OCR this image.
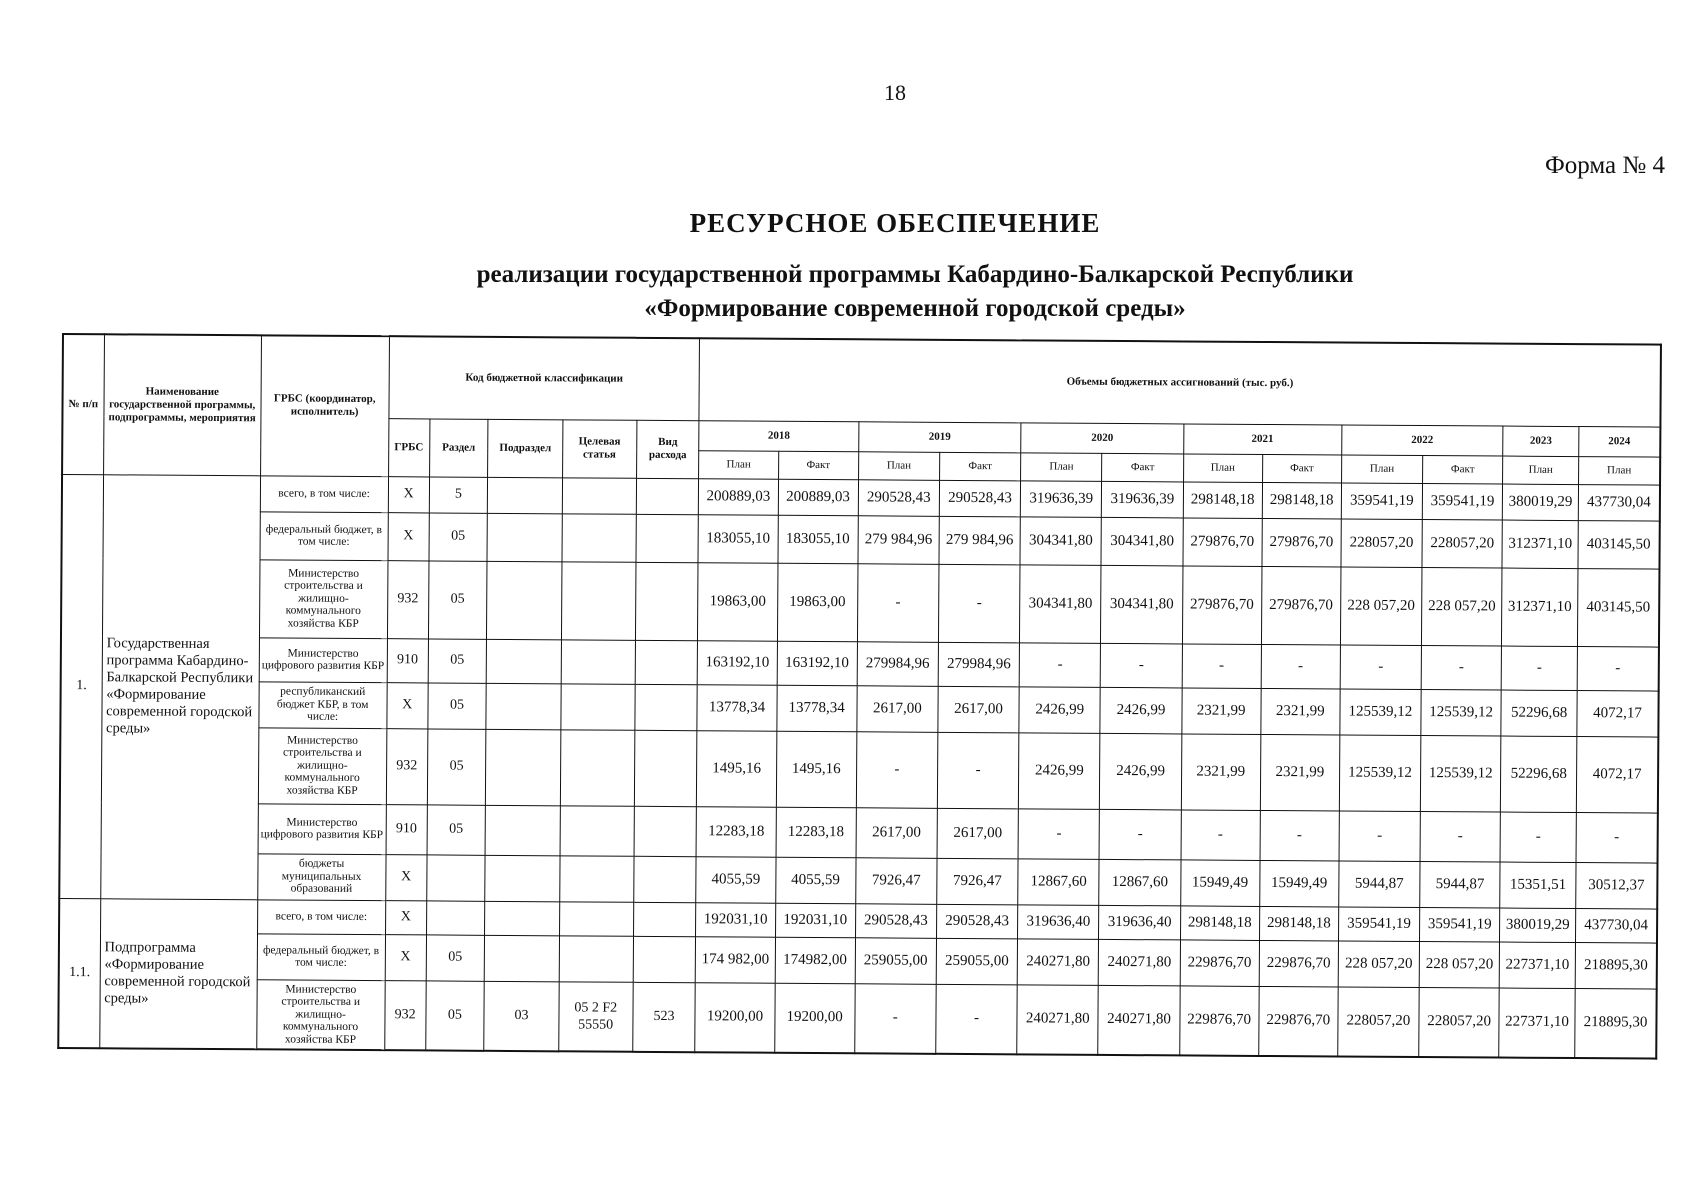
18
Форма № 4
РЕСУРСНОЕ ОБЕСПЕЧЕНИЕ
реализации государственной программы Кабардино-Балкарской Республики
«Формирование современной городской среды»
№ п/п	Наименование государственной программы, подпрограммы, мероприятия	ГРБС (координатор, исполнитель)	Код бюджетной классификации					Объемы бюджетных ассигнований (тыс. руб.)											
			ГРБС	Раздел	Подраздел	Целевая статья	Вид расхода	2018		2019		2020		2021		2022		2023	2024
								План	Факт	План	Факт	План	Факт	План	Факт	План	Факт	План	План
1.	Государственная программа Кабардино-Балкарской Республики «Формирование современной городской среды»	всего, в том числе:	X	5				200889,03	200889,03	290528,43	290528,43	319636,39	319636,39	298148,18	298148,18	359541,19	359541,19	380019,29	437730,04
		федеральный бюджет, в том числе:	X	05				183055,10	183055,10	279 984,96	279 984,96	304341,80	304341,80	279876,70	279876,70	228057,20	228057,20	312371,10	403145,50
		Министерство строительства и жилищно-коммунального хозяйства КБР	932	05				19863,00	19863,00	-	-	304341,80	304341,80	279876,70	279876,70	228 057,20	228 057,20	312371,10	403145,50
		Министерство цифрового развития КБР	910	05				163192,10	163192,10	279984,96	279984,96	-	-	-	-	-	-	-	-
		республиканский бюджет КБР, в том числе:	X	05				13778,34	13778,34	2617,00	2617,00	2426,99	2426,99	2321,99	2321,99	125539,12	125539,12	52296,68	4072,17
		Министерство строительства и жилищно-коммунального хозяйства КБР	932	05				1495,16	1495,16	-	-	2426,99	2426,99	2321,99	2321,99	125539,12	125539,12	52296,68	4072,17
		Министерство цифрового развития КБР	910	05				12283,18	12283,18	2617,00	2617,00	-	-	-	-	-	-	-	-
		бюджеты муниципальных образований	X					4055,59	4055,59	7926,47	7926,47	12867,60	12867,60	15949,49	15949,49	5944,87	5944,87	15351,51	30512,37
1.1.	Подпрограмма «Формирование современной городской среды»	всего, в том числе:	X					192031,10	192031,10	290528,43	290528,43	319636,40	319636,40	298148,18	298148,18	359541,19	359541,19	380019,29	437730,04
		федеральный бюджет, в том числе:	X	05				174 982,00	174982,00	259055,00	259055,00	240271,80	240271,80	229876,70	229876,70	228 057,20	228 057,20	227371,10	218895,30
		Министерство строительства и жилищно-коммунального хозяйства КБР	932	05	03	05 2 F2 55550	523	19200,00	19200,00	-	-	240271,80	240271,80	229876,70	229876,70	228057,20	228057,20	227371,10	218895,30
